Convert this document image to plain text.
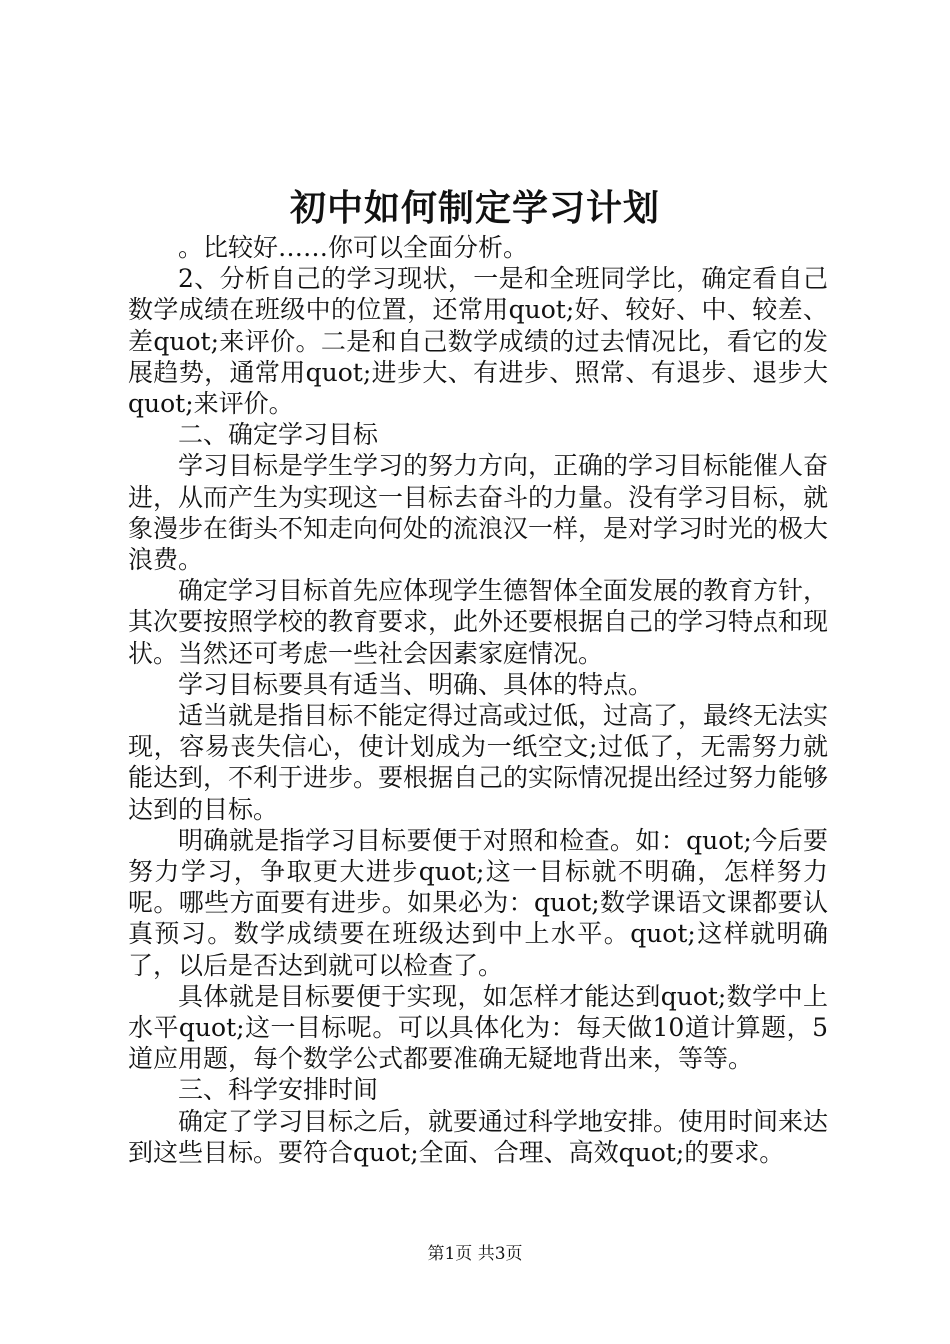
初中如何制定学习计划

。比较好……你可以全面分析。

2、分析自己的学习现状，一是和全班同学比，确定看自己数学成绩在班级中的位置，还常用quot;好、较好、中、较差、差quot;来评价。二是和自己数学成绩的过去情况比，看它的发展趋势，通常用quot;进步大、有进步、照常、有退步、退步大quot;来评价。

二、确定学习目标

学习目标是学生学习的努力方向，正确的学习目标能催人奋进，从而产生为实现这一目标去奋斗的力量。没有学习目标，就象漫步在街头不知走向何处的流浪汉一样，是对学习时光的极大浪费。

确定学习目标首先应体现学生德智体全面发展的教育方针，其次要按照学校的教育要求，此外还要根据自己的学习特点和现状。当然还可考虑一些社会因素家庭情况。

学习目标要具有适当、明确、具体的特点。

适当就是指目标不能定得过高或过低，过高了，最终无法实现，容易丧失信心，使计划成为一纸空文;过低了，无需努力就能达到，不利于进步。要根据自己的实际情况提出经过努力能够达到的目标。

明确就是指学习目标要便于对照和检查。如：quot;今后要努力学习，争取更大进步quot;这一目标就不明确，怎样努力呢。哪些方面要有进步。如果必为：quot;数学课语文课都要认真预习。数学成绩要在班级达到中上水平。quot;这样就明确了，以后是否达到就可以检查了。

具体就是目标要便于实现，如怎样才能达到quot;数学中上水平quot;这一目标呢。可以具体化为：每天做10道计算题，5道应用题，每个数学公式都要准确无疑地背出来，等等。

三、科学安排时间

确定了学习目标之后，就要通过科学地安排。使用时间来达到这些目标。要符合quot;全面、合理、高效quot;的要求。

第1页 共3页
